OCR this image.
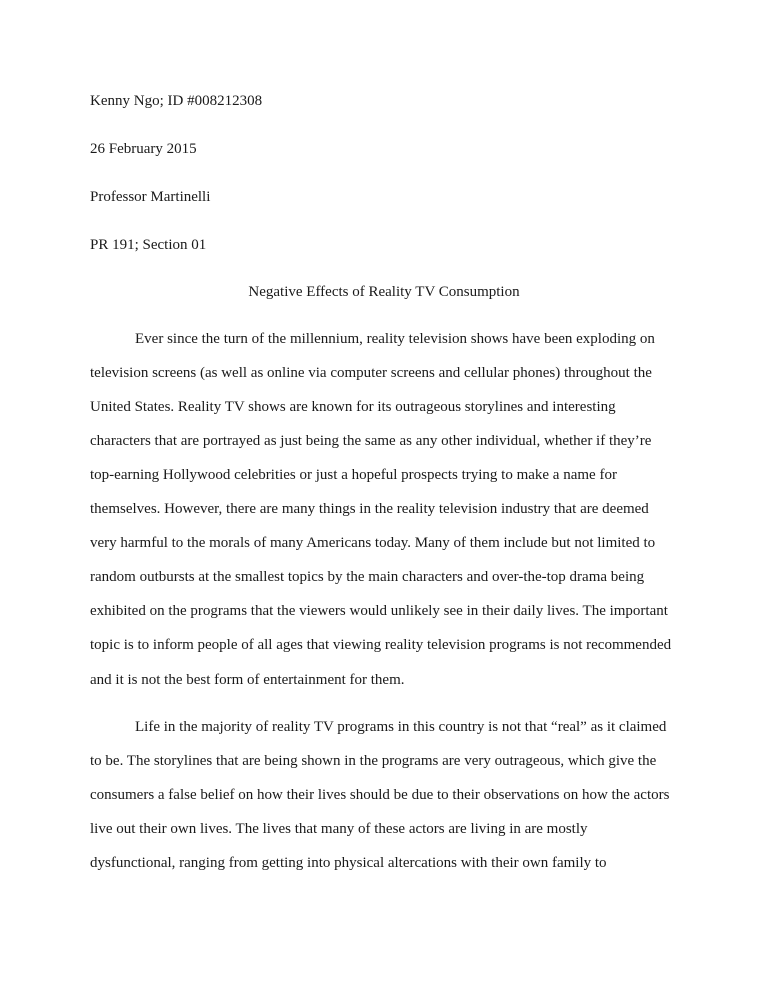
Kenny Ngo; ID #008212308
26 February 2015
Professor Martinelli
PR 191; Section 01
Negative Effects of Reality TV Consumption
Ever since the turn of the millennium, reality television shows have been exploding on
television screens (as well as online via computer screens and cellular phones) throughout the
United States. Reality TV shows are known for its outrageous storylines and interesting
characters that are portrayed as just being the same as any other individual, whether if they’re
top-earning Hollywood celebrities or just a hopeful prospects trying to make a name for
themselves. However, there are many things in the reality television industry that are deemed
very harmful to the morals of many Americans today. Many of them include but not limited to
random outbursts at the smallest topics by the main characters and over-the-top drama being
exhibited on the programs that the viewers would unlikely see in their daily lives. The important
topic is to inform people of all ages that viewing reality television programs is not recommended
and it is not the best form of entertainment for them.
Life in the majority of reality TV programs in this country is not that “real” as it claimed
to be. The storylines that are being shown in the programs are very outrageous, which give the
consumers a false belief on how their lives should be due to their observations on how the actors
live out their own lives. The lives that many of these actors are living in are mostly
dysfunctional, ranging from getting into physical altercations with their own family to
